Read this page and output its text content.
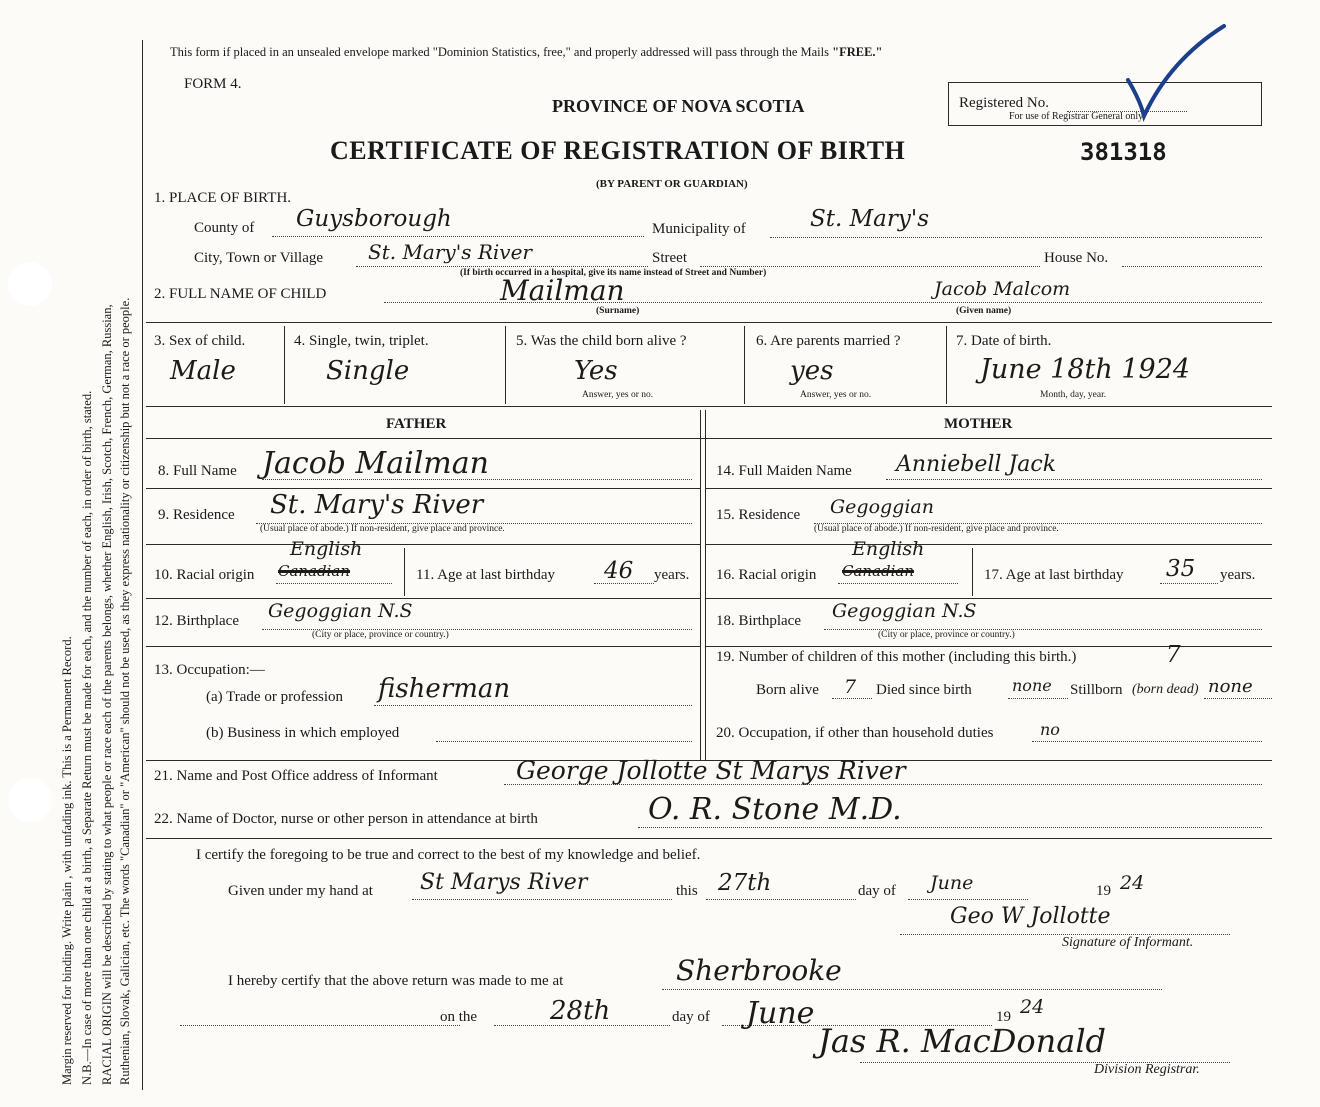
Margin reserved for binding. Write plain , with unfading ink. This is a Permanent Record. N.B.—In case of more than one child at a birth, a Separate Return must be made for each, and the number of each, in order of birth, stated. RACIAL ORIGIN will be described by stating to what people or race each of the parents belongs, whether English, Irish, Scotch, French, German, Russian, Ruthenian, Slovak, Galician, etc. The words "Canadian" or "American" should not be used, as they express nationality or citizenship but not a race or people.
This form if placed in an unsealed envelope marked "Dominion Statistics, free," and properly addressed will pass through the Mails "FREE."
FORM 4.
PROVINCE OF NOVA SCOTIA	Registered No.
For use of Registrar General only.
CERTIFICATE OF REGISTRATION OF BIRTH	381318
(BY PARENT OR GUARDIAN)
1. PLACE OF BIRTH.
County of Guysborough	Municipality of	St. Mary's
City, Town or Village St. Mary's River	Street	House No.
(If birth occurred in a hospital, give its name instead of Street and Number)
2. FULL NAME OF CHILD	Mailman
(Surname)
Jacob Malcom
(Given name)
3. Sex of child.
Male
4. Single, twin, triplet.
Single
5. Was the child born alive ?
Yes
Answer, yes or no.
6. Are parents married ?
yes
Answer, yes or no.
7. Date of birth.
June 18th 1924
Month, day, year.
FATHER	MOTHER
8. Full Name Jacob Mailman
9. Residence St. Mary's River
(Usual place of abode.) If non-resident, give place and province.
10. Racial origin
English
Canadian	11. Age at last birthday 46 years.
12. Birthplace Gegoggian N.S
(City or place, province or country.)
13. Occupation:—
(a) Trade or profession fisherman
(b) Business in which employed
14. Full Maiden Name Anniebell Jack
15. Residence Gegoggian
(Usual place of abode.) If non-resident, give place and province.
16. Racial origin
English
Canadian	17. Age at last birthday 35 years.
18. Birthplace Gegoggian N.S
(City or place, province or country.)
19. Number of children of this mother (including this birth.)	7
Born alive 7 Died since birth	none Stillborn (born dead) none
20. Occupation, if other than household duties	no
21. Name and Post Office address of Informant	George Jollotte St Marys River
22. Name of Doctor, nurse or other person in attendance at birth	O. R. Stone M.D.
I certify the foregoing to be true and correct to the best of my knowledge and belief.
Given under my hand at St Marys River	this 27th	day of June	19 24
Geo W Jollotte
Signature of Informant.
I hereby certify that the above return was made to me at	Sherbrooke
on the	28th	day of June	19 24
Jas R. MacDonald
Division Registrar.
